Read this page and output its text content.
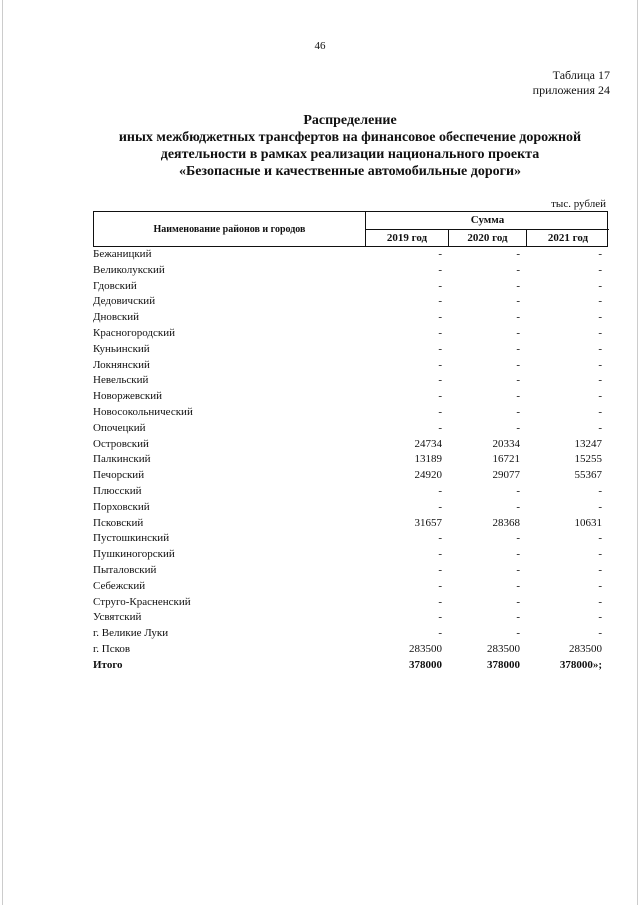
46
Таблица 17
приложения 24
Распределение
иных межбюджетных трансфертов на финансовое обеспечение дорожной
деятельности в рамках реализации национального проекта
«Безопасные и качественные автомобильные дороги»
тыс. рублей
Наименование районов и городов
Сумма
2019 год	2020 год	2021 год
Бежаницкий	-	-	-
Великолукский	-	-	-
Гдовский	-	-	-
Дедовичский	-	-	-
Дновский	-	-	-
Красногородский	-	-	-
Куньинский	-	-	-
Локнянский	-	-	-
Невельский	-	-	-
Новоржевский	-	-	-
Новосокольнический	-	-	-
Опочецкий	-	-	-
Островский	24734	20334	13247
Палкинский	13189	16721	15255
Печорский	24920	29077	55367
Плюсский	-	-	-
Порховский	-	-	-
Псковский	31657	28368	10631
Пустошкинский	-	-	-
Пушкиногорский	-	-	-
Пыталовский	-	-	-
Себежский	-	-	-
Струго-Красненский	-	-	-
Усвятский	-	-	-
г. Великие Луки	-	-	-
г. Псков	283500	283500	283500
Итого	378000	378000	378000»;
